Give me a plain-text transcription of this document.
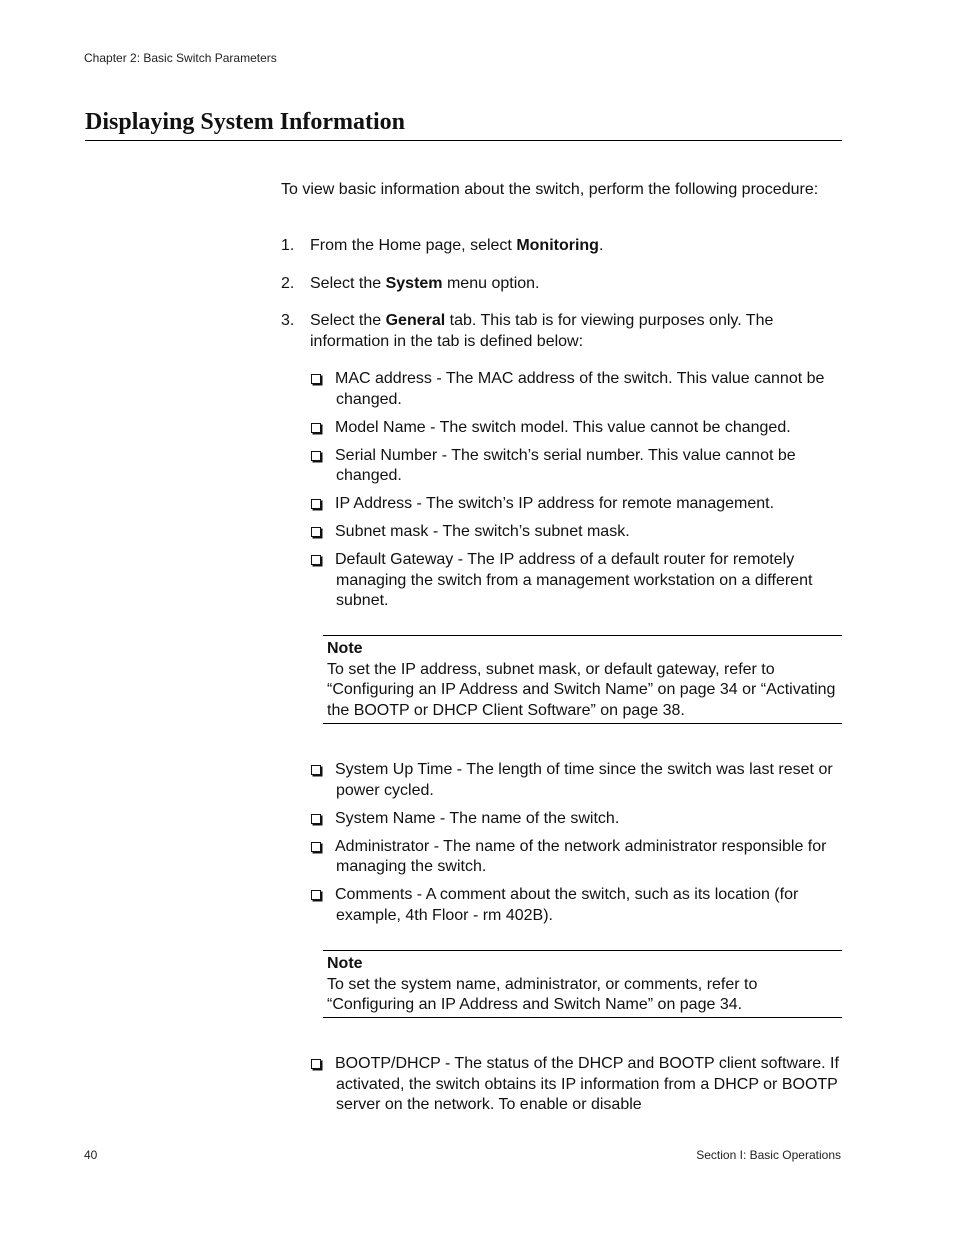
Chapter 2: Basic Switch Parameters
Displaying System Information

To view basic information about the switch, perform the following procedure:

1. From the Home page, select Monitoring.
2. Select the System menu option.
3. Select the General tab. This tab is for viewing purposes only. The information in the tab is defined below:
MAC address - The MAC address of the switch. This value cannot be changed.
Model Name - The switch model. This value cannot be changed.
Serial Number - The switch’s serial number. This value cannot be changed.
IP Address - The switch’s IP address for remote management.
Subnet mask - The switch’s subnet mask.
Default Gateway - The IP address of a default router for remotely managing the switch from a management workstation on a different subnet.
Note
To set the IP address, subnet mask, or default gateway, refer to “Configuring an IP Address and Switch Name” on page 34 or “Activating the BOOTP or DHCP Client Software” on page 38.
System Up Time - The length of time since the switch was last reset or power cycled.
System Name - The name of the switch.
Administrator - The name of the network administrator responsible for managing the switch.
Comments - A comment about the switch, such as its location (for example, 4th Floor - rm 402B).
Note
To set the system name, administrator, or comments, refer to “Configuring an IP Address and Switch Name” on page 34.
BOOTP/DHCP - The status of the DHCP and BOOTP client software. If activated, the switch obtains its IP information from a DHCP or BOOTP server on the network. To enable or disable
40	Section I: Basic Operations
